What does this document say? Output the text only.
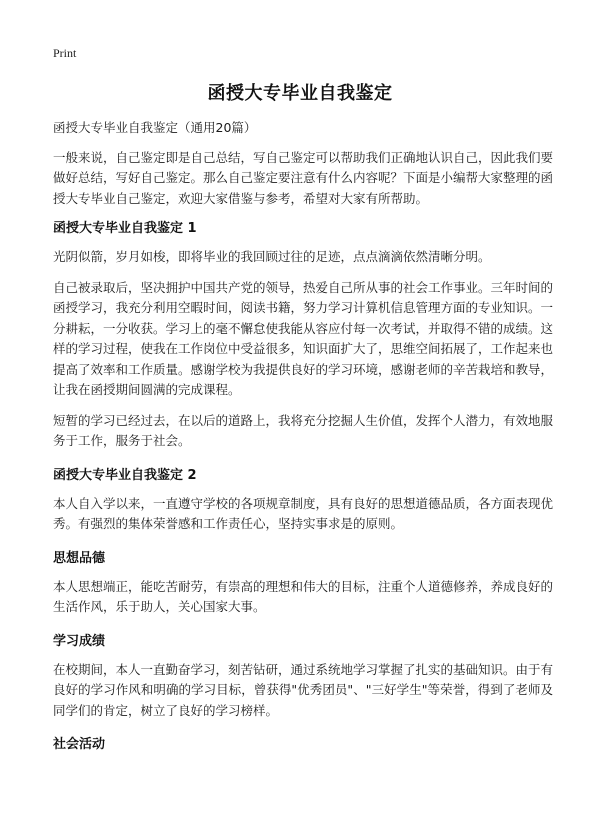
Print
函授大专毕业自我鉴定

函授大专毕业自我鉴定（通用20篇）

一般来说，自己鉴定即是自己总结，写自己鉴定可以帮助我们正确地认识自己，因此我们要做好总结，写好自己鉴定。那么自己鉴定要注意有什么内容呢？下面是小编帮大家整理的函授大专毕业自己鉴定，欢迎大家借鉴与参考，希望对大家有所帮助。

函授大专毕业自我鉴定 1

光阴似箭，岁月如梭，即将毕业的我回顾过往的足迹，点点滴滴依然清晰分明。

自己被录取后，坚决拥护中国共产党的领导，热爱自己所从事的社会工作事业。三年时间的函授学习，我充分利用空暇时间，阅读书籍，努力学习计算机信息管理方面的专业知识。一分耕耘，一分收获。学习上的毫不懈怠使我能从容应付每一次考试，并取得不错的成绩。这样的学习过程，使我在工作岗位中受益很多，知识面扩大了，思维空间拓展了，工作起来也提高了效率和工作质量。感谢学校为我提供良好的学习环境，感谢老师的辛苦栽培和教导，让我在函授期间圆满的完成课程。

短暂的学习已经过去，在以后的道路上，我将充分挖掘人生价值，发挥个人潜力，有效地服务于工作，服务于社会。

函授大专毕业自我鉴定 2

本人自入学以来，一直遵守学校的各项规章制度，具有良好的思想道德品质，各方面表现优秀。有强烈的集体荣誉感和工作责任心，坚持实事求是的原则。

思想品德

本人思想端正，能吃苦耐劳，有崇高的理想和伟大的目标，注重个人道德修养，养成良好的生活作风，乐于助人，关心国家大事。

学习成绩

在校期间，本人一直勤奋学习，刻苦钻研，通过系统地学习掌握了扎实的基础知识。由于有良好的学习作风和明确的学习目标，曾获得"优秀团员"、"三好学生"等荣誉，得到了老师及同学们的肯定，树立了良好的学习榜样。

社会活动
